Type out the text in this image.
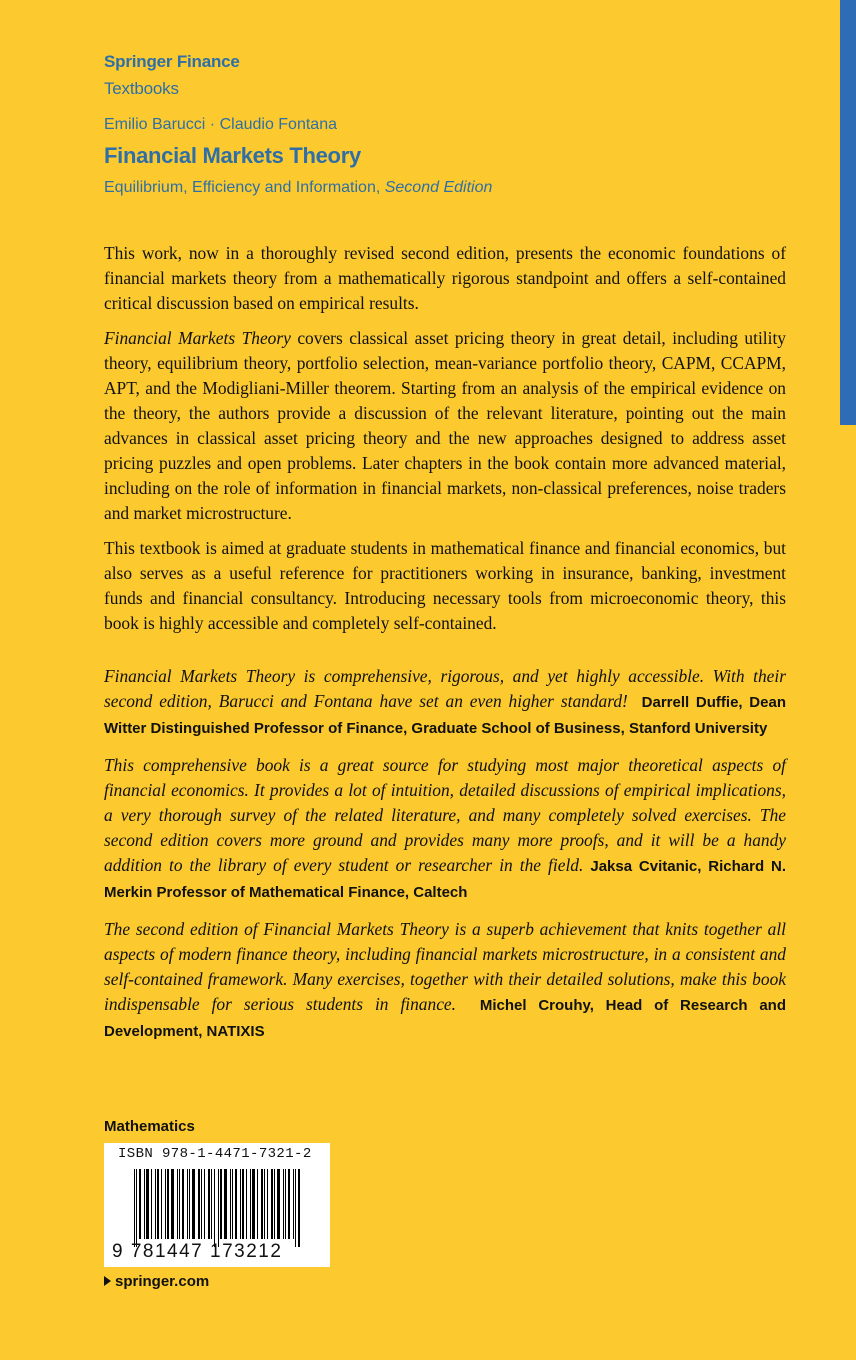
Springer Finance
Textbooks
Emilio Barucci · Claudio Fontana
Financial Markets Theory
Equilibrium, Efficiency and Information, Second Edition

This work, now in a thoroughly revised second edition, presents the economic foundations of financial markets theory from a mathematically rigorous standpoint and offers a self-contained critical discussion based on empirical results.

Financial Markets Theory covers classical asset pricing theory in great detail, including utility theory, equilibrium theory, portfolio selection, mean-variance portfolio theory, CAPM, CCAPM, APT, and the Modigliani-Miller theorem. Starting from an analysis of the empirical evidence on the theory, the authors provide a discussion of the relevant literature, pointing out the main advances in classical asset pricing theory and the new approaches designed to address asset pricing puzzles and open problems. Later chapters in the book contain more advanced material, including on the role of information in financial markets, non-classical preferences, noise traders and market microstructure.

This textbook is aimed at graduate students in mathematical finance and financial economics, but also serves as a useful reference for practitioners working in insurance, banking, investment funds and financial consultancy. Introducing necessary tools from microeconomic theory, this book is highly accessible and completely self-contained.

Financial Markets Theory is comprehensive, rigorous, and yet highly accessible. With their second edition, Barucci and Fontana have set an even higher standard! Darrell Duffie, Dean Witter Distinguished Professor of Finance, Graduate School of Business, Stanford University
This comprehensive book is a great source for studying most major theoretical aspects of financial economics. It provides a lot of intuition, detailed discussions of empirical implications, a very thorough survey of the related literature, and many completely solved exercises. The second edition covers more ground and provides many more proofs, and it will be a handy addition to the library of every student or researcher in the field. Jaksa Cvitanic, Richard N. Merkin Professor of Mathematical Finance, Caltech
The second edition of Financial Markets Theory is a superb achievement that knits together all aspects of modern finance theory, including financial markets microstructure, in a consistent and self-contained framework. Many exercises, together with their detailed solutions, make this book indispensable for serious students in finance. Michel Crouhy, Head of Research and Development, NATIXIS
Mathematics
ISBN 978-1-4471-7321-2
9 781447 173212
springer.com
